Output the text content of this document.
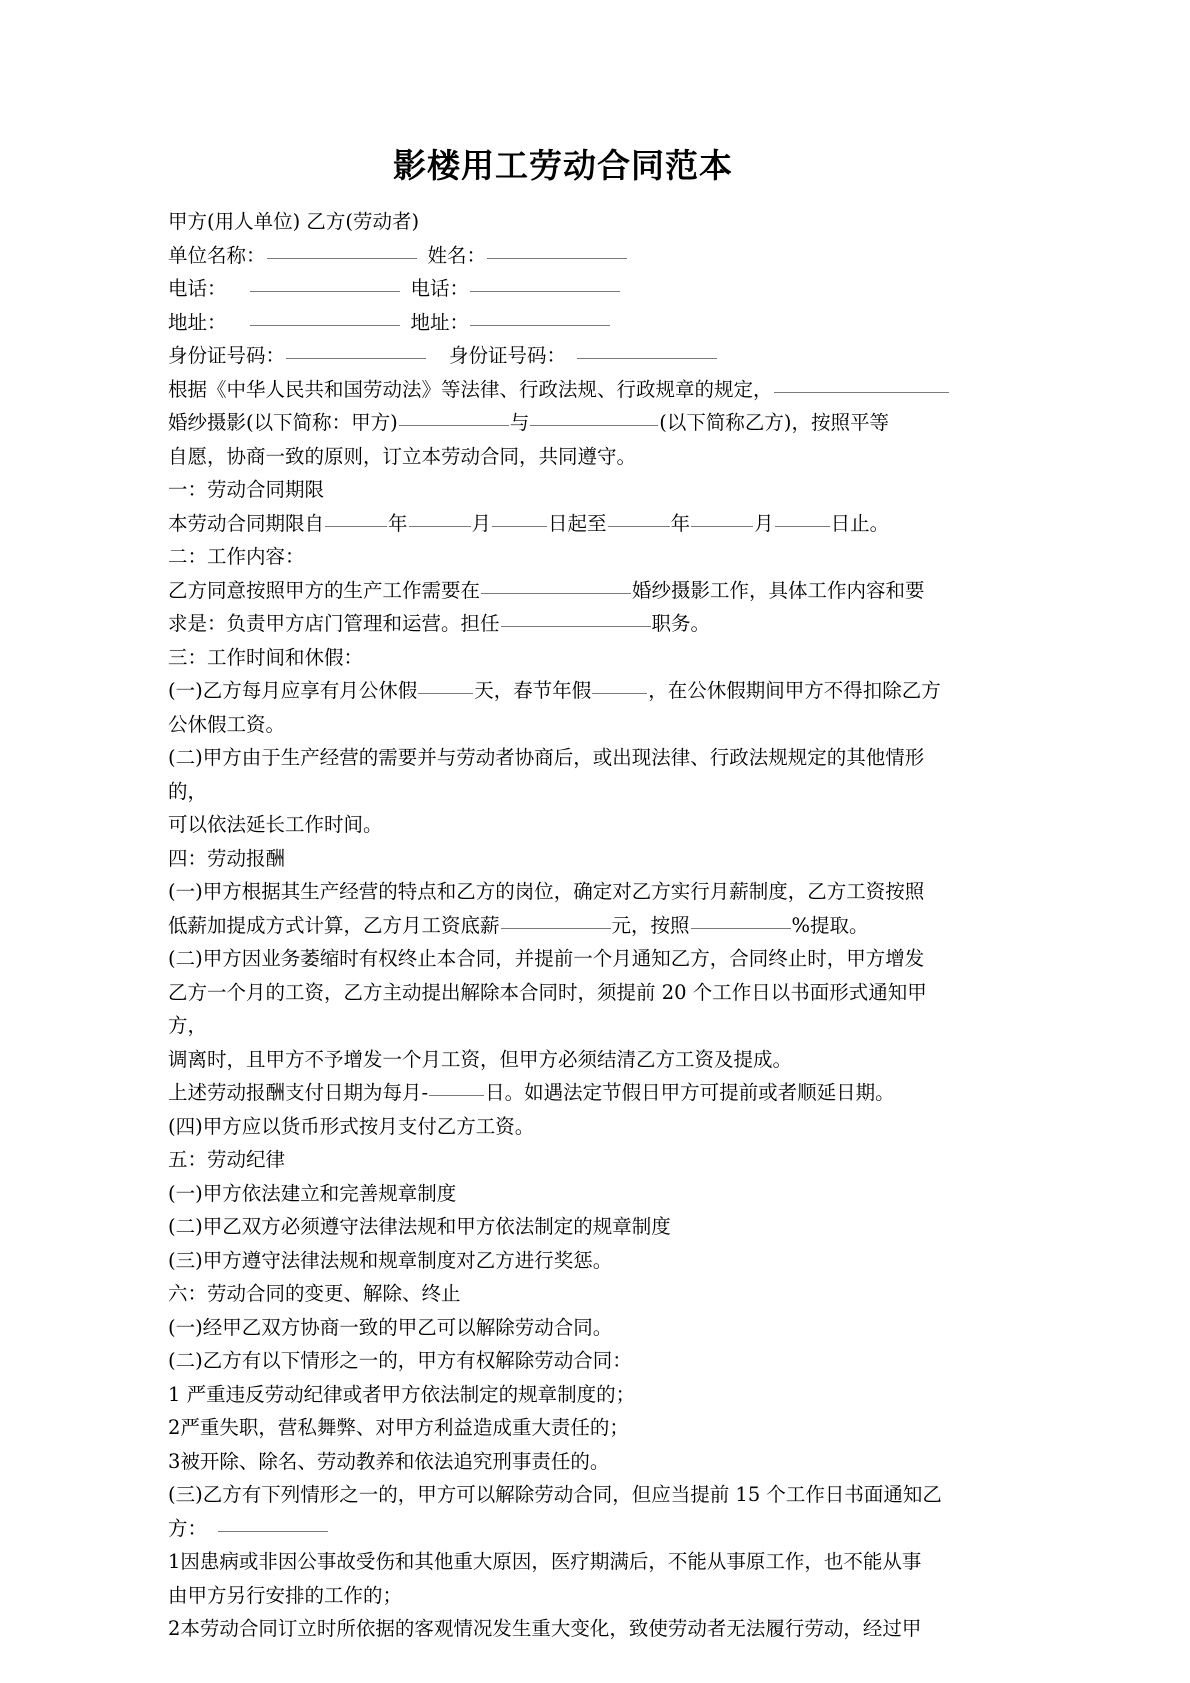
影楼用工劳动合同范本

甲方(用人单位) 乙方(劳动者)

单位名称：	姓名：

电话：	电话：

地址：	地址：

身份证号码：	身份证号码：

根据《中华人民共和国劳动法》等法律、行政法规、行政规章的规定，

婚纱摄影(以下简称：甲方)	与	(以下简称乙方)，按照平等

自愿，协商一致的原则，订立本劳动合同，共同遵守。

一：劳动合同期限

本劳动合同期限自	年	月	日起至	年	月	日止。

二：工作内容：

乙方同意按照甲方的生产工作需要在	婚纱摄影工作，具体工作内容和要

求是：负责甲方店门管理和运营。担任	职务。

三：工作时间和休假：

(一)乙方每月应享有月公休假	天，春节年假	，在公休假期间甲方不得扣除乙方

公休假工资。

(二)甲方由于生产经营的需要并与劳动者协商后，或出现法律、行政法规规定的其他情形

的，

可以依法延长工作时间。

四：劳动报酬

(一)甲方根据其生产经营的特点和乙方的岗位，确定对乙方实行月薪制度，乙方工资按照

低薪加提成方式计算，乙方月工资底薪	元，按照	%提取。

(二)甲方因业务萎缩时有权终止本合同，并提前一个月通知乙方，合同终止时，甲方增发

乙方一个月的工资，乙方主动提出解除本合同时，须提前 20 个工作日以书面形式通知甲方，

调离时，且甲方不予增发一个月工资，但甲方必须结清乙方工资及提成。

上述劳动报酬支付日期为每月-	日。如遇法定节假日甲方可提前或者顺延日期。

(四)甲方应以货币形式按月支付乙方工资。

五：劳动纪律

(一)甲方依法建立和完善规章制度

(二)甲乙双方必须遵守法律法规和甲方依法制定的规章制度

(三)甲方遵守法律法规和规章制度对乙方进行奖惩。

六：劳动合同的变更、解除、终止

(一)经甲乙双方协商一致的甲乙可以解除劳动合同。

(二)乙方有以下情形之一的，甲方有权解除劳动合同：

1 严重违反劳动纪律或者甲方依法制定的规章制度的；

2严重失职，营私舞弊、对甲方利益造成重大责任的；

3被开除、除名、劳动教养和依法追究刑事责任的。

(三)乙方有下列情形之一的，甲方可以解除劳动合同，但应当提前 15 个工作日书面通知乙

方：

1因患病或非因公事故受伤和其他重大原因，医疗期满后，不能从事原工作，也不能从事

由甲方另行安排的工作的；

2本劳动合同订立时所依据的客观情况发生重大变化，致使劳动者无法履行劳动，经过甲
